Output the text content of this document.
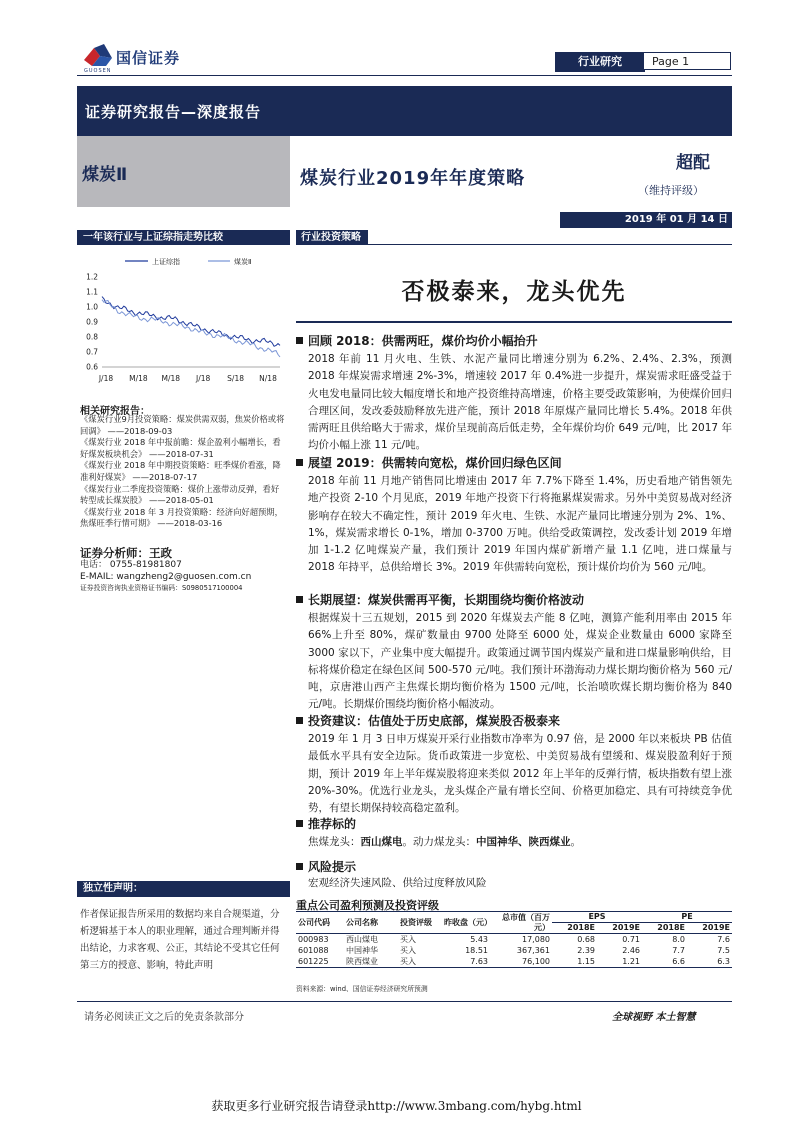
国信证券
GUOSEN
行业研究	Page 1
证券研究报告—深度报告
煤炭Ⅱ	煤炭行业2019年年度策略
超配
（维持评级）
2019 年 01 月 14 日
一年该行业与上证综指走势比较
上证综指	煤炭Ⅱ
1.2
1.1
1.0
0.9
0.8
0.7
0.6
J/18 M/18 M/18 J/18 S/18 N/18
相关研究报告：
《煤炭行业9月投资策略：煤炭供需双弱，焦炭价格或将回调》 ——2018-09-03
《煤炭行业 2018 年中报前瞻：煤企盈利小幅增长，看好煤炭板块机会》 ——2018-07-31
《煤炭行业 2018 年中期投资策略：旺季煤价看涨，降准利好煤炭》 ——2018-07-17
《煤炭行业二季度投资策略：煤价上涨带动反弹，看好转型成长煤炭股》 ——2018-05-01
《煤炭行业 2018 年 3 月投资策略：经济向好超预期，焦煤旺季行情可期》 ——2018-03-16
证券分析师：王政
电话： 0755-81981807
E-MAIL: wangzheng2@guosen.com.cn
证券投资咨询执业资格证书编码：S0980517100004
独立性声明：
作者保证报告所采用的数据均来自合规渠道，分析逻辑基于本人的职业理解，通过合理判断并得出结论，力求客观、公正，其结论不受其它任何第三方的授意、影响，特此声明
行业投资策略
否极泰来，龙头优先
回顾 2018：供需两旺，煤价均价小幅抬升
2018 年前 11 月火电、生铁、水泥产量同比增速分别为 6.2%、2.4%、2.3%，预测 2018 年煤炭需求增速 2%-3%，增速较 2017 年 0.4%进一步提升，煤炭需求旺盛受益于火电发电量同比较大幅度增长和地产投资维持高增速，价格主要受政策影响，为使煤价回归合理区间，发改委鼓励释放先进产能，预计 2018 年原煤产量同比增长 5.4%。2018 年供需两旺且供给略大于需求，煤价呈现前高后低走势，全年煤价均价 649 元/吨，比 2017 年均价小幅上涨 11 元/吨。
展望 2019：供需转向宽松，煤价回归绿色区间
2018 年前 11 月地产销售同比增速由 2017 年 7.7%下降至 1.4%，历史看地产销售领先地产投资 2-10 个月见底，2019 年地产投资下行将拖累煤炭需求。另外中美贸易战对经济影响存在较大不确定性，预计 2019 年火电、生铁、水泥产量同比增速分别为 2%、1%、1%，煤炭需求增长 0-1%，增加 0-3700 万吨。供给受政策调控，发改委计划 2019 年增加 1-1.2 亿吨煤炭产量，我们预计 2019 年国内煤矿新增产量 1.1 亿吨，进口煤量与 2018 年持平，总供给增长 3%。2019 年供需转向宽松，预计煤价均价为 560 元/吨。
长期展望：煤炭供需再平衡，长期围绕均衡价格波动
根据煤炭十三五规划，2015 到 2020 年煤炭去产能 8 亿吨，测算产能利用率由 2015 年 66%上升至 80%，煤矿数量由 9700 处降至 6000 处，煤炭企业数量由 6000 家降至 3000 家以下，产业集中度大幅提升。政策通过调节国内煤炭产量和进口煤量影响供给，目标将煤价稳定在绿色区间 500-570 元/吨。我们预计环渤海动力煤长期均衡价格为 560 元/吨，京唐港山西产主焦煤长期均衡价格为 1500 元/吨，长治喷吹煤长期均衡价格为 840 元/吨。长期煤价围绕均衡价格小幅波动。
投资建议：估值处于历史底部，煤炭股否极泰来
2019 年 1 月 3 日申万煤炭开采行业指数市净率为 0.97 倍，是 2000 年以来板块 PB 估值最低水平具有安全边际。货币政策进一步宽松、中美贸易战有望缓和、煤炭股盈利好于预期，预计 2019 年上半年煤炭股将迎来类似 2012 年上半年的反弹行情，板块指数有望上涨 20%-30%。优选行业龙头，龙头煤企产量有增长空间、价格更加稳定、具有可持续竞争优势，有望长期保持较高稳定盈利。
推荐标的
焦煤龙头：西山煤电。动力煤龙头：中国神华、陕西煤业。
风险提示
宏观经济失速风险、供给过度释放风险
重点公司盈利预测及投资评级
公司代码	公司名称	投资评级	昨收盘（元）	总市值（百万元）	EPS		PE	
					2018E	2019E	2018E	2019E
000983	西山煤电	买入	5.43	17,080	0.68	0.71	8.0	7.6
601088	中国神华	买入	18.51	367,361	2.39	2.46	7.7	7.5
601225	陕西煤业	买入	7.63	76,100	1.15	1.21	6.6	6.3
资料来源：wind、国信证券经济研究所预测
请务必阅读正文之后的免责条款部分	全球视野 本土智慧
获取更多行业研究报告请登录http://www.3mbang.com/hybg.html
